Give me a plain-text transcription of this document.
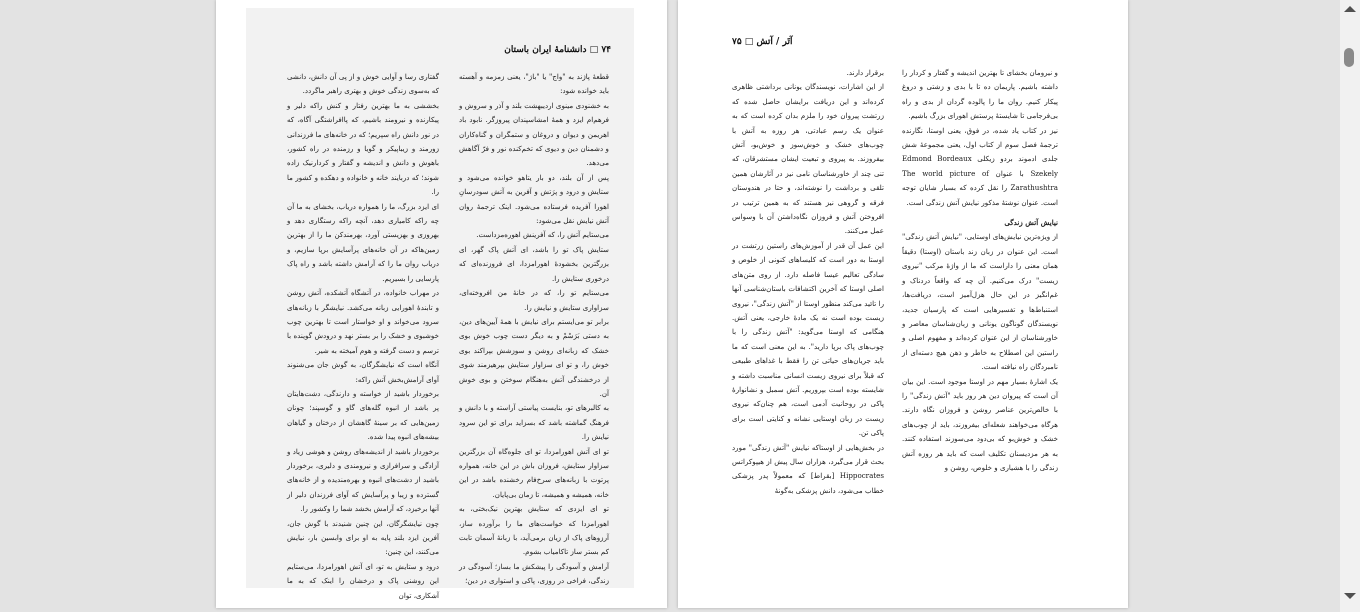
۷۴ □ دانشنامهٔ ایران باستان

قطعهٔ پاژند به "واج" یا "باژ"، یعنی زمزمه و آهسته باید خوانده شود:

به خشنودی مینوی اردیبهشت بلند و آذر و سروش و فرهم‌ام ایزد و همهٔ امشاسپندان پیروزگر. نابود باد اهریمن و دیوان و دروغان و ستمگران و گناه‌کاران و دشمنان دین و دیوی که تخم‌کنده نور و فرّ آگاهش می‌دهد.

پس از آن بلند، دو بار یتاهو خوانده می‌شود و ستایش و درود و پرَتش و آفرین به آتش سودرسانِ اهورا آفریده فرستاده می‌شود. اینک ترجمهٔ روان آتش نیایش نقل می‌شود:

می‌ستایم آتش را، که آفرینش اهوره‌مزداست.

ستایش پاک تو را باشد، ای آتش پاک گهر، ای بزرگترین بخشودهٔ اهورامزدا، ای فروزنده‌ای که درخوری ستایش را.

می‌ستایم تو را، که در خانهٔ من افروخته‌ای، سزاواری ستایش و نیایش را.

برابر تو می‌ایستم برای نیایش با همهٔ آیین‌های دین، به دستی بَرَسْمْ و به دیگر دست چوب خوش بوی خشک که زبانه‌ای روشن و سوزشش بپراکند بوی خوش را، و تو ای سزاوار ستایش بپرهیزمند شوی از درخشندگی آتش به‌هنگام سوختن و بوی خوش آن.

به‌ کالبرهای تو، بنایست پیاستی آراسته و با دانش و فرهنگ گماشته باشد که بسزاید برای تو این سرود نیایش را.

تو ای آتش اهورامزدا، تو ای جلوه‌گاه آن بزرگترین سزاوار ستایش، فروزان باش در این خانه، همواره پرتوت با زبانه‌های سرخ‌فام رخشنده باشد در این خانه، همیشه و همیشه، تا زمان بی‌پایان.

تو ای ایزدی که ستایش بهترین نیک‌بختی، به اهورامزدا که خواست‌های ما را برآورده ساز، آرزوهای پاک از زیان برمی‌آید، با زبانهٔ آسمان تابت کم بستر ساز تاکامیاب بشوم.

آرامش و آسودگی را پیشکش ما بساز؛ آسودگی در زندگی، فراخی در روزی، پاکی و استواری در دین؛

گفتاری رسا و آوایی خوش و از پی آن دانش، دانشی که به‌سوی زندگی خوش و بهتری راهبر ماگردد.

بخششی به ما بهترین رفتار و کنش راکه دلیر و پیکارنده و نیرومند باشیم، که پاافراشتگی آگاه، که در نور دانش راه سپریم؛ که در خانه‌های ما فرزندانی زورمند و زیباپیکر و گویا و رزمنده در راه کشور، باهوش و دانش و اندیشه و گفتار و کردارنیک زاده شوند؛ که دربایند خانه و خانواده و دهکده و کشور ما را.

ای ایزد بزرگ، ما را همواره دریاب، بخشای به ما آن چه راکه کامیاری دهد، آنچه راکه رستگاری دهد و بهروزی و بهزیستی آورد، بهرمندکن ما را از بهترین زمین‌هاکه در آن خانه‌های پرآسایش برپا سازیم، و دریاب روان ما را که آرامش داشته باشد و راه پاک پارسایی را بسیریم.

در مهراب خانواده، در آتشگاه آتشکده، آتش روشن و تابندهٔ اهورایی زبانه می‌کشد. نیایشگر با زبانه‌های سرود می‌خواند و او خواستار است تا بهترین چوب خوشبوی و خشک را بر بستر نهد و درودش گوینده با ترسم و دست گرفته و هوم آمیخته به شیر.

آنگاه است که نیایشگرگان، به گوش جان می‌شنوند آوای آرامش‌بخش آتش راکه:

برخوردار باشید از خواسته و دارندگی، دشت‌هایتان پر باشد از انبوه گله‌های گاو و گوسپند؛ چونان زمین‌هایی که بر سینهٔ گاهشان از درختان و گیاهان بیشه‌های انبوه پیدا شده.

برخوردار باشید از اندیشه‌های روشن و هوشی زیاد و آزادگی و سرافرازی و نیرومندی و دلیری، برخوردار باشید از دشت‌های انبوه و بهره‌مندیده و از خانه‌های گسترده و زیبا و پرآسایش که آوای فرزندان دلیر از آنها برخیزد، که آرامش بخشد شما را وکشور را.

چون نیایشگرگان، این چنین شنیدند با گوش جان، آفرین ایزد بلند پایه به او برای وابسین بار، نیایش می‌کنند، این چنین:

درود و ستایش به تو، ای آتش اهورامزدا، می‌ستایم این روشنی پاک و درخشان را اینک که به ما آشکاری، توان

آتَر / آتش □ ۷۵

و نیرومان بخشای تا بهترین اندیشه و گفتار و کردار را داشته باشیم. پاریمان ده تا با بدی و زشتی و دروغ پیکار کنیم. روان ما را پالوده گردان از بدی و راه بی‌فرجامی تا شایستهٔ پرستش اهورای بزرگ باشیم.

نیز در کتاب یاد شده، در فوق، یعنی اوستا، نگارنده ترجمهٔ فصل سوم از کتاب اول، یعنی مجموعهٔ شش جلدی ادموند بردو زیکلی Edmond Bordeaux Szekely با عنوان The world picture of Zarathushtra را نقل کرده که بسیار شایان توجه است. عنوان نوشتهٔ مذکور نیایش آتش زندگی است.

نیایش آتش زندگی

از ویژه‌ترین نیایش‌های اوستایی، "نیایش آتش زندگی" است. این عنوان در زبان زند باستان (اوستا) دقیقاً همان معنی را داراست که ما از واژهٔ مرکب "نیروی زیست" درک می‌کنیم. آن چه که واقعاً دردناک و غم‌انگیز در این حال هزل‌آمیز است، دریافت‌ها، استنباط‌ها و تفسیرهایی است که پارسیان جدید، نویسندگان گوناگون یونانی و زبان‌شناسان معاصر و خاورشناسان از این عنوان کرده‌اند و مفهوم اصلی و راستین این اصطلاح به خاطر و ذهن هیچ دسته‌ای از نامبردگان راه نیافته است.

یک اشارهٔ بسیار مهم در اوستا موجود است. این بیان آن است که پیروان دین هر روز باید "آتش زندگی" را با خالص‌ترین عناصر روشن و فروزان نگاه دارند. هرگاه می‌خواهند شعله‌ای بیفروزند، باید از چوب‌های خشک و خوش‌بو که بی‌دود می‌سوزند استفاده کنند. به هر مزدیسنان تکلیف است که باید هر روزه آتش زندگی را با هشیاری و خلوص، روشن و

برقرار دارند.

از این اشارات، نویسندگان یونانی برداشتی ظاهری کرده‌اند و این دریافت برایشان حاصل شده که زرتشت پیروان خود را ملزم بدان کرده است که به عنوان یک رسم عبادتی، هر روزه به آتش با چوب‌های خشک و خوش‌سوز و خوش‌بو، آتش بیفروزند. به پیروی و تبعیت ایشان مستشرقان، که تنی چند از خاورشناسان نامی نیز در آثارشان همین تلقی و برداشت را نوشته‌اند، و حتا در هندوستان فرقه و گروهی نیز هستند که به همین ترتیب در افروختن آتش و فروزان نگاه‌داشتن آن با وسواس عمل می‌کنند.

این عمل آن قدر از آموزش‌های راستین زرتشت در اوستا به دور است که کلیسا‌های کنونی از خلوص و سادگی تعالیم عیسا فاصله دارد. از روی متن‌های اصلی اوستا که آخرین اکتشافات باستان‌شناسی آنها را تائید می‌کند منظور اوستا از "آتش زندگی"، نیروی زیست بوده است نه یک مادهٔ خارجی، یعنی آتش. هنگامی که اوستا می‌گوید: "آتش زندگی را با چوب‌های پاک برپا دارید". به این معنی است که ما باید جریان‌های حیاتی تن را فقط با غذاهای طبیعی که قبلاً برای نیروی زیست انسانی مناسبت داشته و شایسته بوده است بپروریم. آتش سمبل و نشانوارهٔ پاکی در روحانیت آدمی است، هم چنان‌که نیروی زیست در زبان اوستایی نشانه و کنایتی است برای پاکی تن.

در بخش‌هایی از اوستاکه نیایش "آتش زندگی" مورد بحث قرار می‌گیرد، هزاران سال پیش از هیپوکراتس Hippocrates [بقراط] که معمولاً پدر پزشکی خطاب می‌شود، دانش پزشکی به‌گونهٔ
